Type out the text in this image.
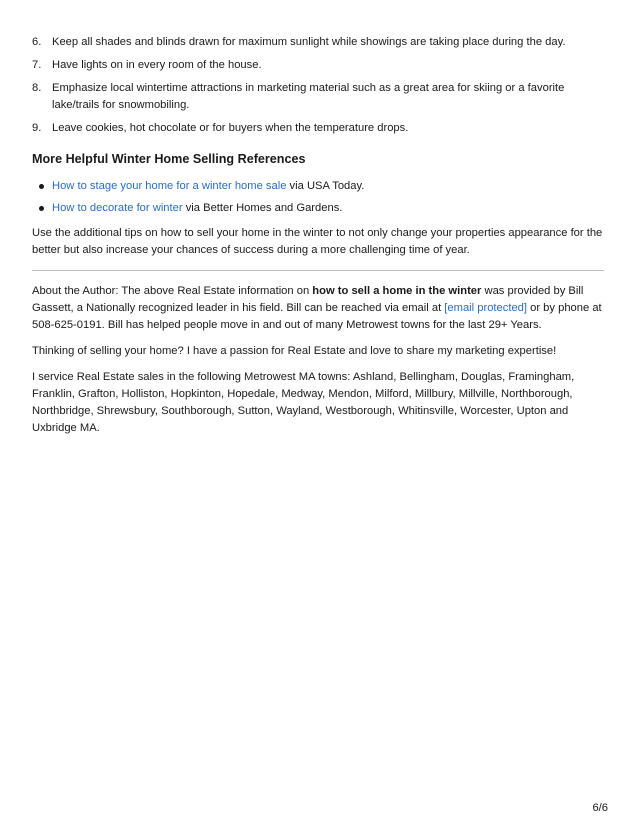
6. Keep all shades and blinds drawn for maximum sunlight while showings are taking place during the day.
7. Have lights on in every room of the house.
8. Emphasize local wintertime attractions in marketing material such as a great area for skiing or a favorite lake/trails for snowmobiling.
9. Leave cookies, hot chocolate or for buyers when the temperature drops.
More Helpful Winter Home Selling References
How to stage your home for a winter home sale via USA Today.
How to decorate for winter via Better Homes and Gardens.

Use the additional tips on how to sell your home in the winter to not only change your properties appearance for the better but also increase your chances of success during a more challenging time of year.

About the Author: The above Real Estate information on how to sell a home in the winter was provided by Bill Gassett, a Nationally recognized leader in his field. Bill can be reached via email at [email protected] or by phone at 508-625-0191. Bill has helped people move in and out of many Metrowest towns for the last 29+ Years.

Thinking of selling your home? I have a passion for Real Estate and love to share my marketing expertise!

I service Real Estate sales in the following Metrowest MA towns: Ashland, Bellingham, Douglas, Framingham, Franklin, Grafton, Holliston, Hopkinton, Hopedale, Medway, Mendon, Milford, Millbury, Millville, Northborough, Northbridge, Shrewsbury, Southborough, Sutton, Wayland, Westborough, Whitinsville, Worcester, Upton and Uxbridge MA.

6/6
